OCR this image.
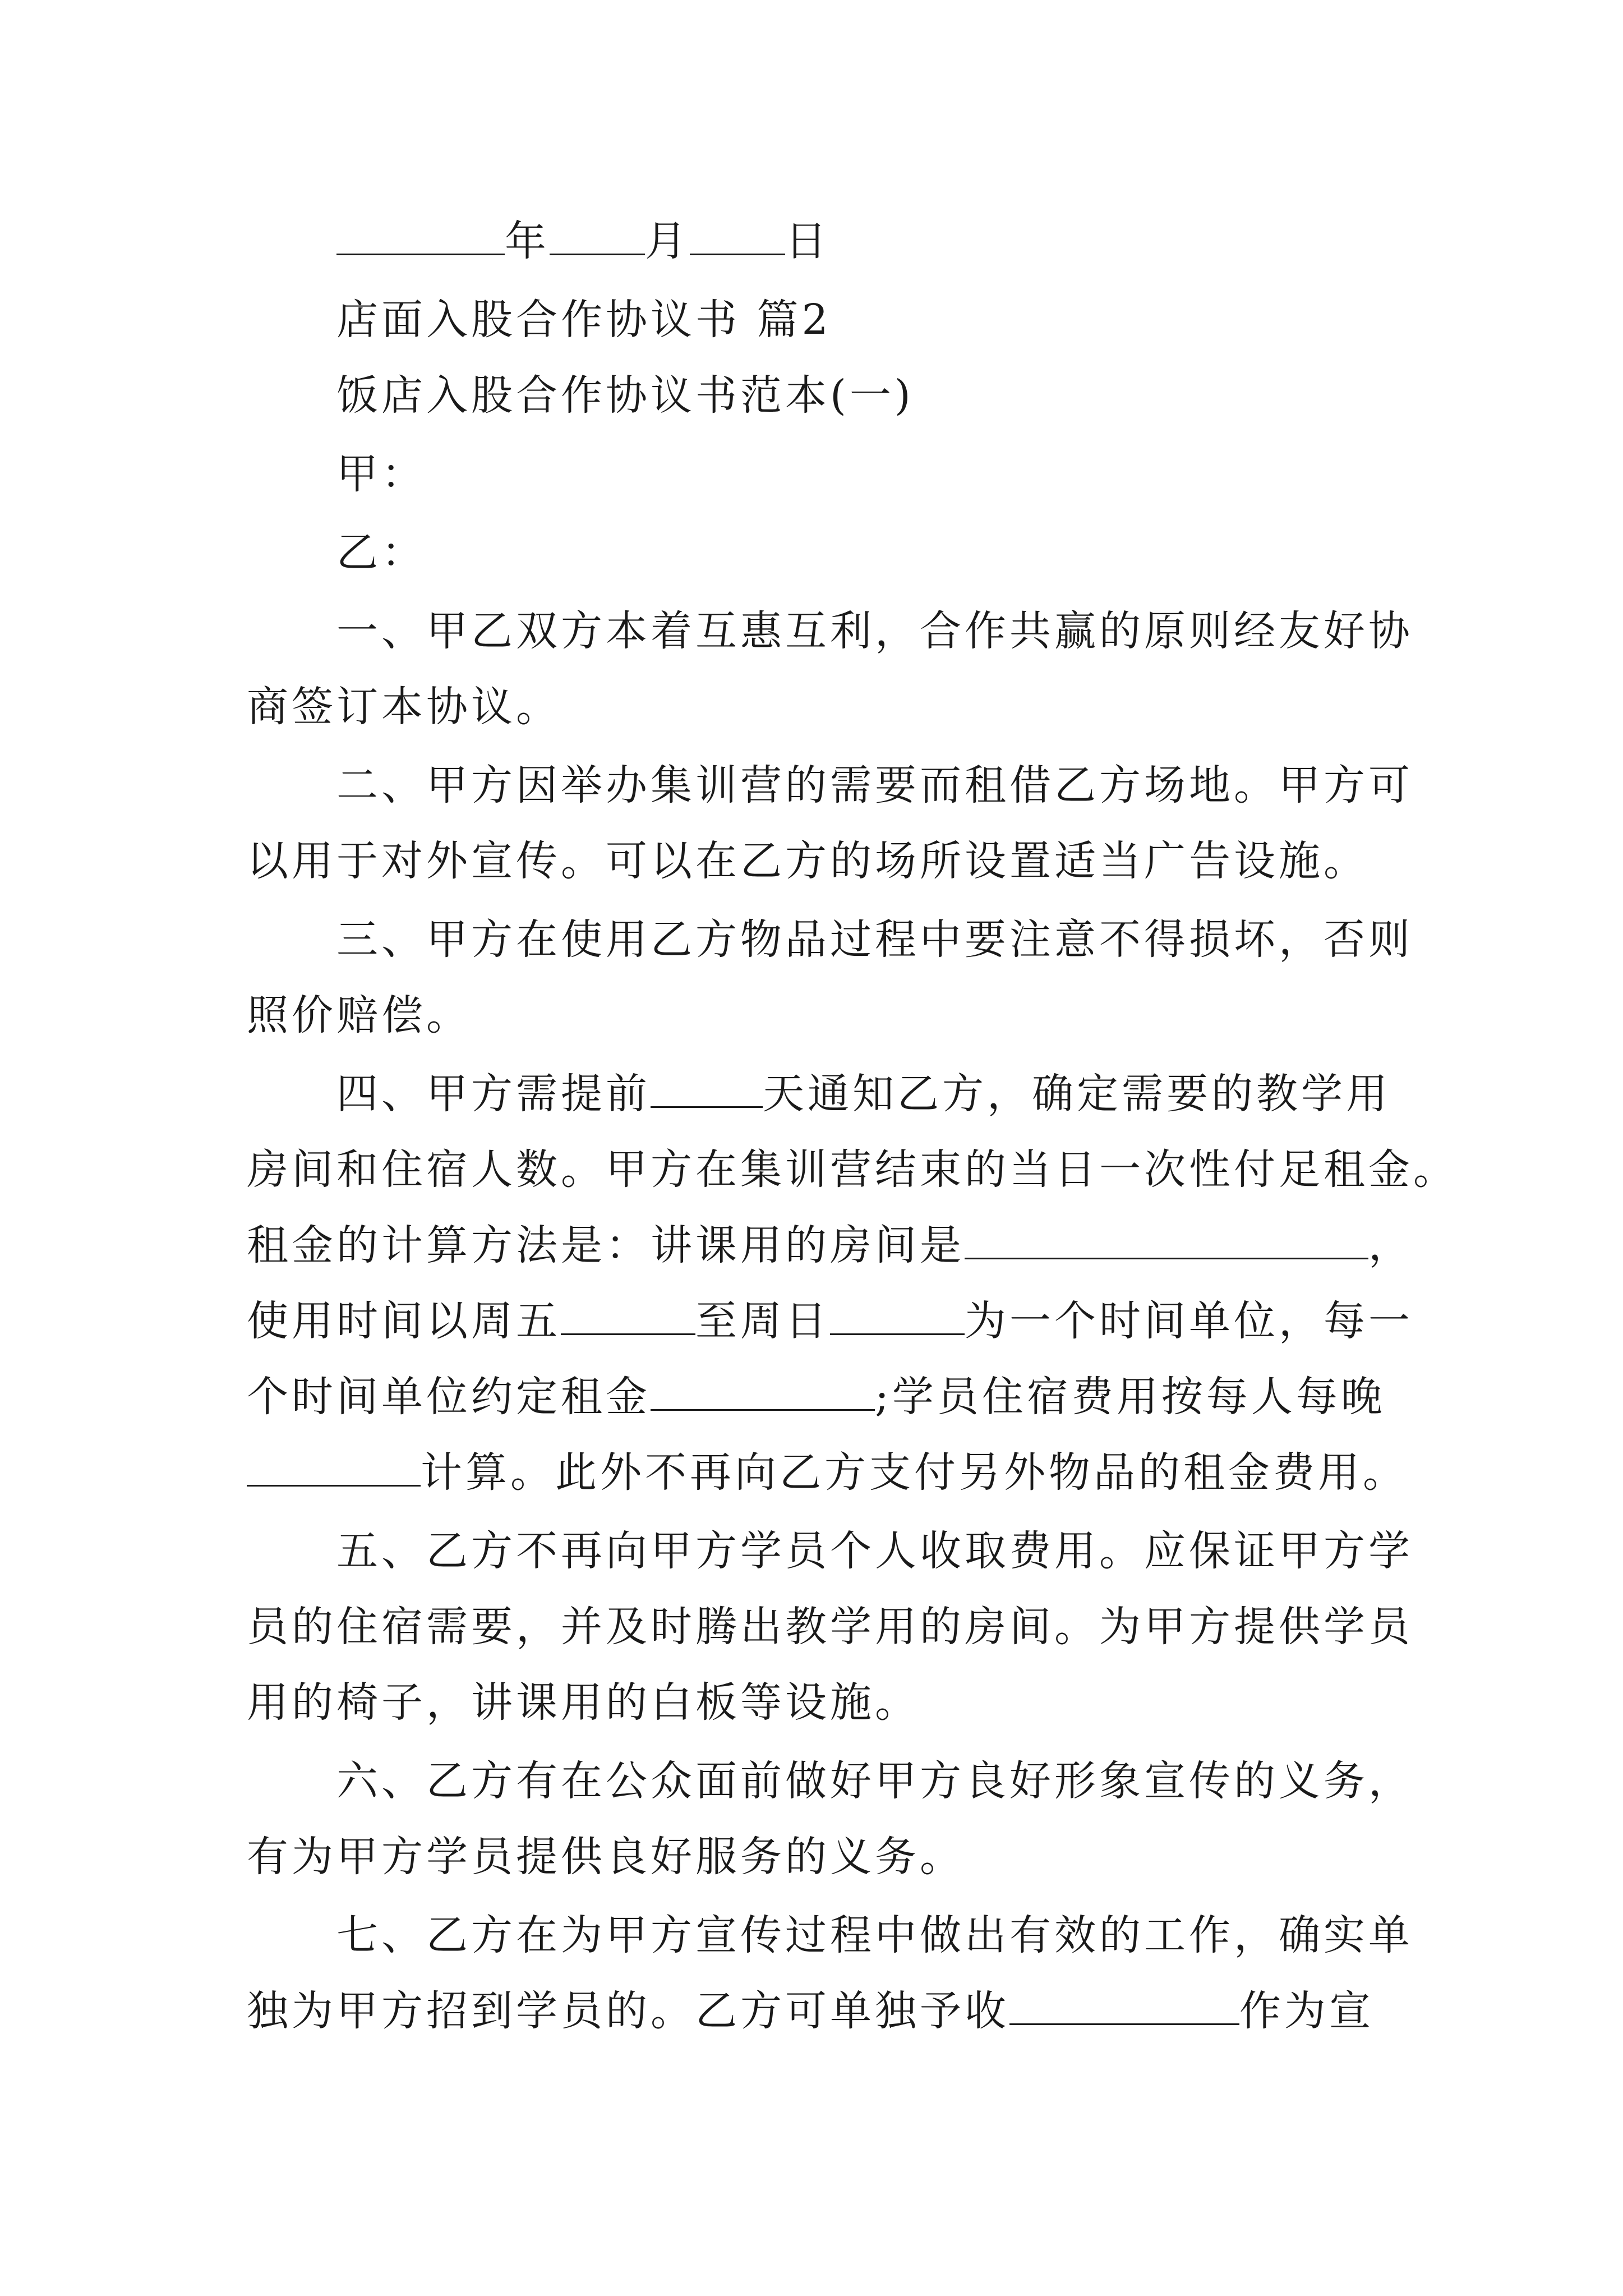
年 月 日
店面入股合作协议书 篇2
饭店入股合作协议书范本(一)
甲：
乙：
一、甲乙双方本着互惠互利，合作共赢的原则经友好协
商签订本协议。
二、甲方因举办集训营的需要而租借乙方场地。甲方可
以用于对外宣传。可以在乙方的场所设置适当广告设施。
三、甲方在使用乙方物品过程中要注意不得损坏，否则
照价赔偿。
四、甲方需提前	天通知乙方，确定需要的教学用
房间和住宿人数。甲方在集训营结束的当日一次性付足租金。
租金的计算方法是：讲课用的房间是	，
使用时间以周五	至周日	为一个时间单位，每一
个时间单位约定租金	;学员住宿费用按每人每晚
计算。此外不再向乙方支付另外物品的租金费用。
五、乙方不再向甲方学员个人收取费用。应保证甲方学
员的住宿需要，并及时腾出教学用的房间。为甲方提供学员
用的椅子，讲课用的白板等设施。
六、乙方有在公众面前做好甲方良好形象宣传的义务，
有为甲方学员提供良好服务的义务。
七、乙方在为甲方宣传过程中做出有效的工作，确实单
独为甲方招到学员的。乙方可单独予收	作为宣
